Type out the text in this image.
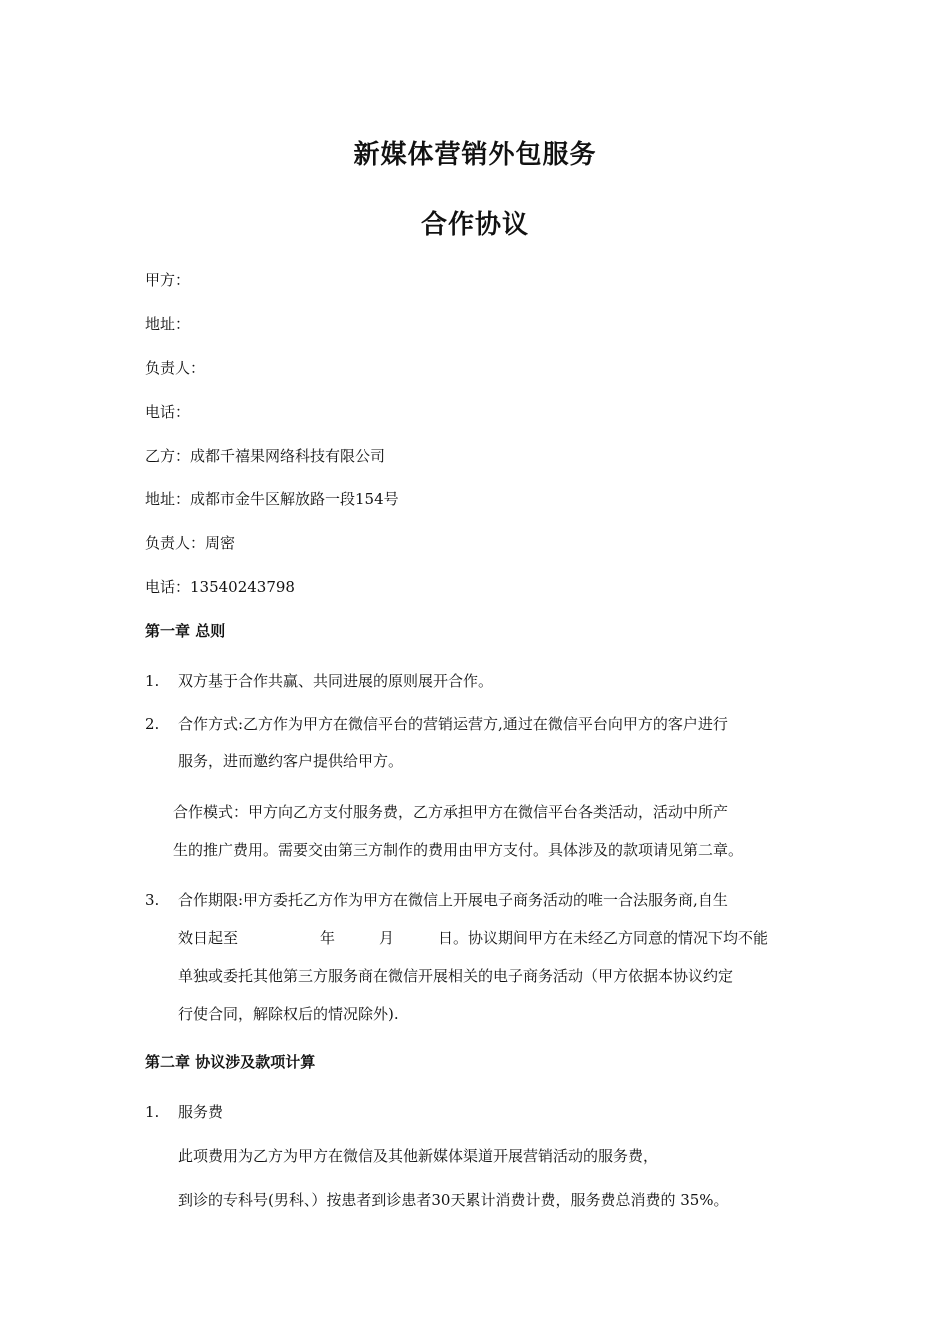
新媒体营销外包服务
合作协议
甲方：
地址：
负责人：
电话：
乙方：成都千禧果网络科技有限公司
地址：成都市金牛区解放路一段154号
负责人：周密
电话：13540243798
第一章 总则
1. 双方基于合作共赢、共同进展的原则展开合作。
2. 合作方式:乙方作为甲方在微信平台的营销运营方,通过在微信平台向甲方的客户进行
服务，进而邀约客户提供给甲方。
合作模式：甲方向乙方支付服务费，乙方承担甲方在微信平台各类活动，活动中所产
生的推广费用。需要交由第三方制作的费用由甲方支付。具体涉及的款项请见第二章。
3. 合作期限:甲方委托乙方作为甲方在微信上开展电子商务活动的唯一合法服务商,自生
效日起至	年	月	日。协议期间甲方在未经乙方同意的情况下均不能
单独或委托其他第三方服务商在微信开展相关的电子商务活动（甲方依据本协议约定
行使合同，解除权后的情况除外).
第二章 协议涉及款项计算
1. 服务费
此项费用为乙方为甲方在微信及其他新媒体渠道开展营销活动的服务费，
到诊的专科号(男科、）按患者到诊患者30天累计消费计费，服务费总消费的 35%。
